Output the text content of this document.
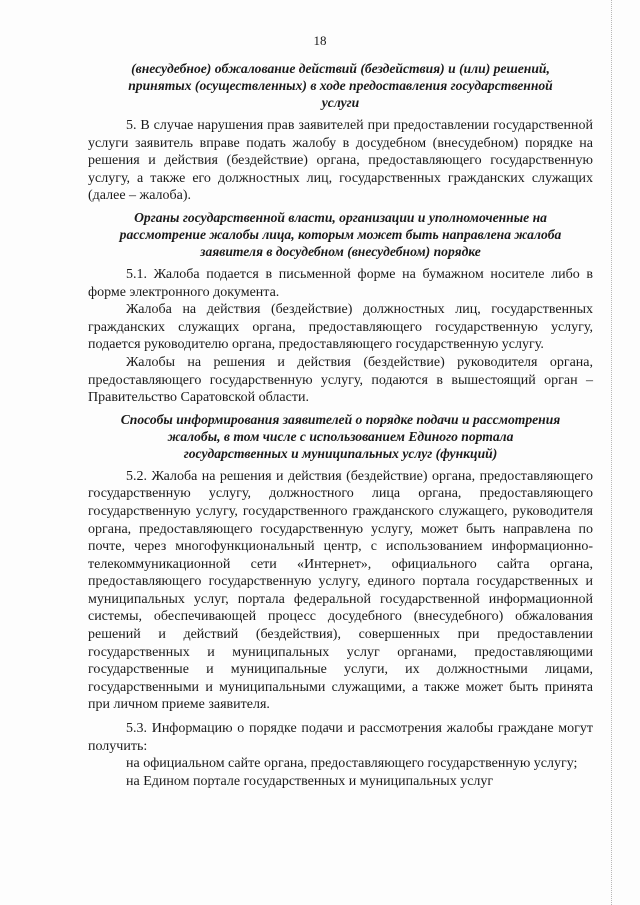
18
(внесудебное) обжалование действий (бездействия) и (или) решений,
принятых (осуществленных) в ходе предоставления государственной
услуги

5. В случае нарушения прав заявителей при предоставлении государственной услуги заявитель вправе подать жалобу в досудебном (внесудебном) порядке на решения и действия (бездействие) органа, предоставляющего государственную услугу, а также его должностных лиц, государственных гражданских служащих (далее – жалоба).

Органы государственной власти, организации и уполномоченные на
рассмотрение жалобы лица, которым может быть направлена жалоба
заявителя в досудебном (внесудебном) порядке

5.1. Жалоба подается в письменной форме на бумажном носителе либо в форме электронного документа.

Жалоба на действия (бездействие) должностных лиц, государственных гражданских служащих органа, предоставляющего государственную услугу, подается руководителю органа, предоставляющего государственную услугу.

Жалобы на решения и действия (бездействие) руководителя органа, предоставляющего государственную услугу, подаются в вышестоящий орган – Правительство Саратовской области.

Способы информирования заявителей о порядке подачи и рассмотрения
жалобы, в том числе с использованием Единого портала
государственных и муниципальных услуг (функций)

5.2. Жалоба на решения и действия (бездействие) органа, предоставляющего государственную услугу, должностного лица органа, предоставляющего государственную услугу, государственного гражданского служащего, руководителя органа, предоставляющего государственную услугу, может быть направлена по почте, через многофункциональный центр, с использованием информационно-телекоммуникационной сети «Интернет», официального сайта органа, предоставляющего государственную услугу, единого портала государственных и муниципальных услуг, портала федеральной государственной информационной системы, обеспечивающей процесс досудебного (внесудебного) обжалования решений и действий (бездействия), совершенных при предоставлении государственных и муниципальных услуг органами, предоставляющими государственные и муниципальные услуги, их должностными лицами, государственными и муниципальными служащими, а также может быть принята при личном приеме заявителя.

5.3. Информацию о порядке подачи и рассмотрения жалобы граждане могут получить:

на официальном сайте органа, предоставляющего государственную услугу;

на Едином портале государственных и муниципальных услуг
